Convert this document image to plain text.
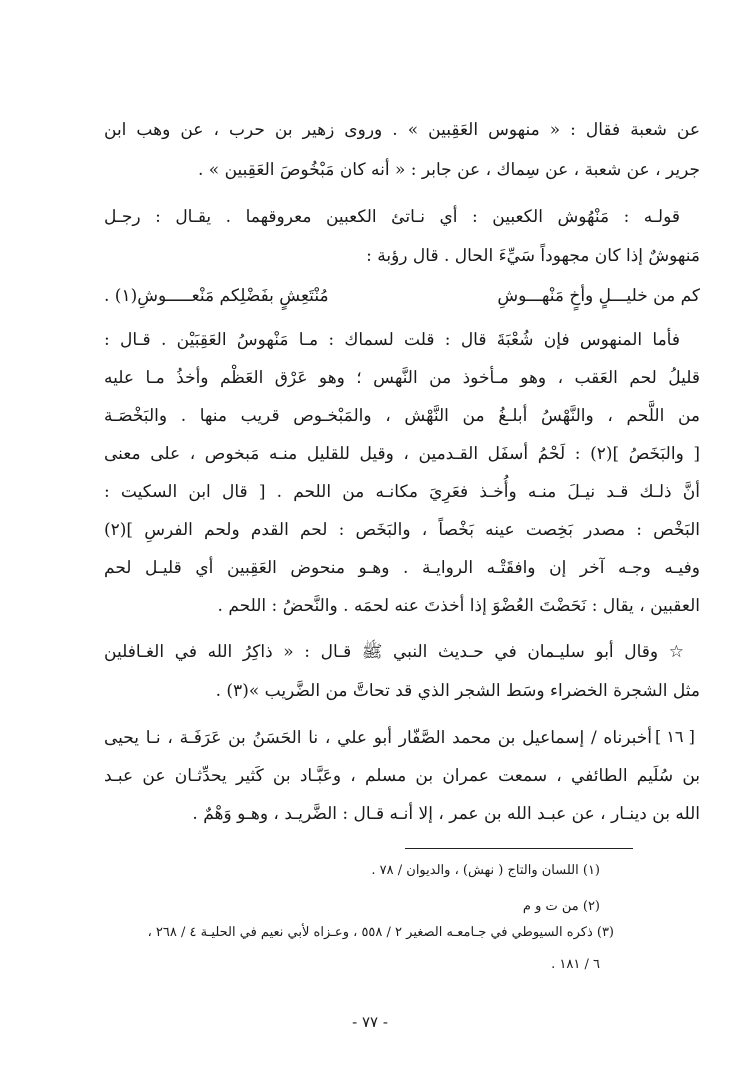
عن شعبة فقال : « منهوس العَقِبين » . وروى زهير بن حرب ، عن وهب ابن
جرير ، عن شعبة ، عن سِماك ، عن جابر : « أنه كان مَبْخُوصَ العَقِبين » .
قولـه : مَنْهُوش الكعبين : أي نـاتئ الكعبين معروقهما . يقـال : رجـل
مَنهوشٌ إذا كان مجهوداً سَيِّءَ الحال . قال رؤبة :
كم من خليـــلٍ وأخٍ مَنْهـــوشِ
مُنْتَعِشٍ بفَضْلِكم مَنْعـــــوشِ(١) .
فأما المنهوس فإن شُعْبَةَ قال : قلت لسماك : مـا مَنْهوسُ العَقِبَيْن . قـال :
قليلُ لحم العَقب ، وهو مـأخوذ من النَّهس ؛ وهو عَرْق العَظْم وأخذُ مـا عليه
من اللَّحم ، والنَّهْسُ أبلـغُ من النَّهْش ، والمَبْخـوص قريب منها . والبَخْصَـة
[ والبَخَصُ ](٢) : لَحْمُ أسفَل القـدمين ، وقيل للقليل منـه مَبخوص ، على معنى
أنَّ ذلـك قـد نيـلَ منـه وأُخـذ فعَرِيَ مكانـه من اللحم . [ قال ابن السكيت :
البَخْص : مصدر بَخِصت عينه بَخْصاً ، والبَخَص : لحم القدم ولحم الفرسِ ](٢)
وفيـه وجـه آخر إن وافقَتْـه الروايـة . وهـو منحوض العَقِبين أي قليـل لحم
العقبين ، يقال : نَحَضْتَ العُضْوَ إذا أخذتَ عنه لحمَه . والنَّحضُ : اللحم .
☆ وقال أبو سليـمان في حـديث النبي ﷺ قـال : « ذاكِرُ الله في الغـافلين
مثل الشجرة الخضراء وسَط الشجر الذي قد تحاتَّ من الضَّريب »(٣) .
[ ١٦ ]
أخبرناه / إسماعيل بن محمد الصَّفّار أبو علي ، نا الحَسَنُ بن عَرَفَـة ، نـا يحيى
بن سُلَيم الطائفي ، سمعت عمران بن مسلم ، وعَبَّـاد بن كَثير يحدِّثـان عن عبـد
الله بن دينـار ، عن عبـد الله بن عمر ، إلا أنـه قـال : الضَّريـد ، وهـو وَهْمٌ .
(١) اللسان والتاج ( نهش) ، والديوان / ٧٨ .
(٢) من ت و م
(٣) ذكره السيوطي في جـامعـه الصغير ٢ / ٥٥٨ ، وعـزاه لأبي نعيم في الحليـة ٤ / ٢٦٨ ،
٦ / ١٨١ .
- ٧٧ -
